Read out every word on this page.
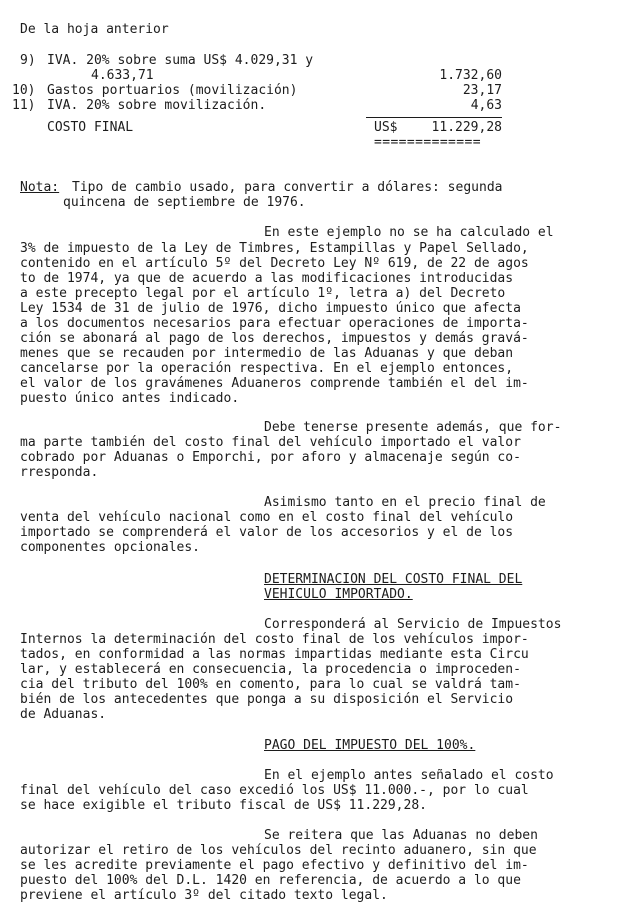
De la hoja anterior
9) IVA. 20% sobre suma US$ 4.029,31 y
4.633,71	1.732,60
10) Gastos portuarios (movilización)	23,17
11) IVA. 20% sobre movilización.	4,63
COSTO FINAL	US$	11.229,28
=============
Nota: Tipo de cambio usado, para convertir a dólares: segunda
quincena de septiembre de 1976.
En este ejemplo no se ha calculado el
3% de impuesto de la Ley de Timbres, Estampillas y Papel Sellado,
contenido en el artículo 5º del Decreto Ley Nº 619, de 22 de agos
to de 1974, ya que de acuerdo a las modificaciones introducidas
a este precepto legal por el artículo 1º, letra a) del Decreto
Ley 1534 de 31 de julio de 1976, dicho impuesto único que afecta
a los documentos necesarios para efectuar operaciones de importa-
ción se abonará al pago de los derechos, impuestos y demás gravá-
menes que se recauden por intermedio de las Aduanas y que deban
cancelarse por la operación respectiva. En el ejemplo entonces,
el valor de los gravámenes Aduaneros comprende también el del im-
puesto único antes indicado.
Debe tenerse presente además, que for-
ma parte también del costo final del vehículo importado el valor
cobrado por Aduanas o Emporchi, por aforo y almacenaje según co-
rresponda.
Asimismo tanto en el precio final de
venta del vehículo nacional como en el costo final del vehículo
importado se comprenderá el valor de los accesorios y el de los
componentes opcionales.
DETERMINACION DEL COSTO FINAL DEL
VEHICULO IMPORTADO.
Corresponderá al Servicio de Impuestos
Internos la determinación del costo final de los vehículos impor-
tados, en conformidad a las normas impartidas mediante esta Circu
lar, y establecerá en consecuencia, la procedencia o improceden-
cia del tributo del 100% en comento, para lo cual se valdrá tam-
bién de los antecedentes que ponga a su disposición el Servicio
de Aduanas.
PAGO DEL IMPUESTO DEL 100%.
En el ejemplo antes señalado el costo
final del vehículo del caso excedió los US$ 11.000.-, por lo cual
se hace exigible el tributo fiscal de US$ 11.229,28.
Se reitera que las Aduanas no deben
autorizar el retiro de los vehículos del recinto aduanero, sin que
se les acredite previamente el pago efectivo y definitivo del im-
puesto del 100% del D.L. 1420 en referencia, de acuerdo a lo que
previene el artículo 3º del citado texto legal.
